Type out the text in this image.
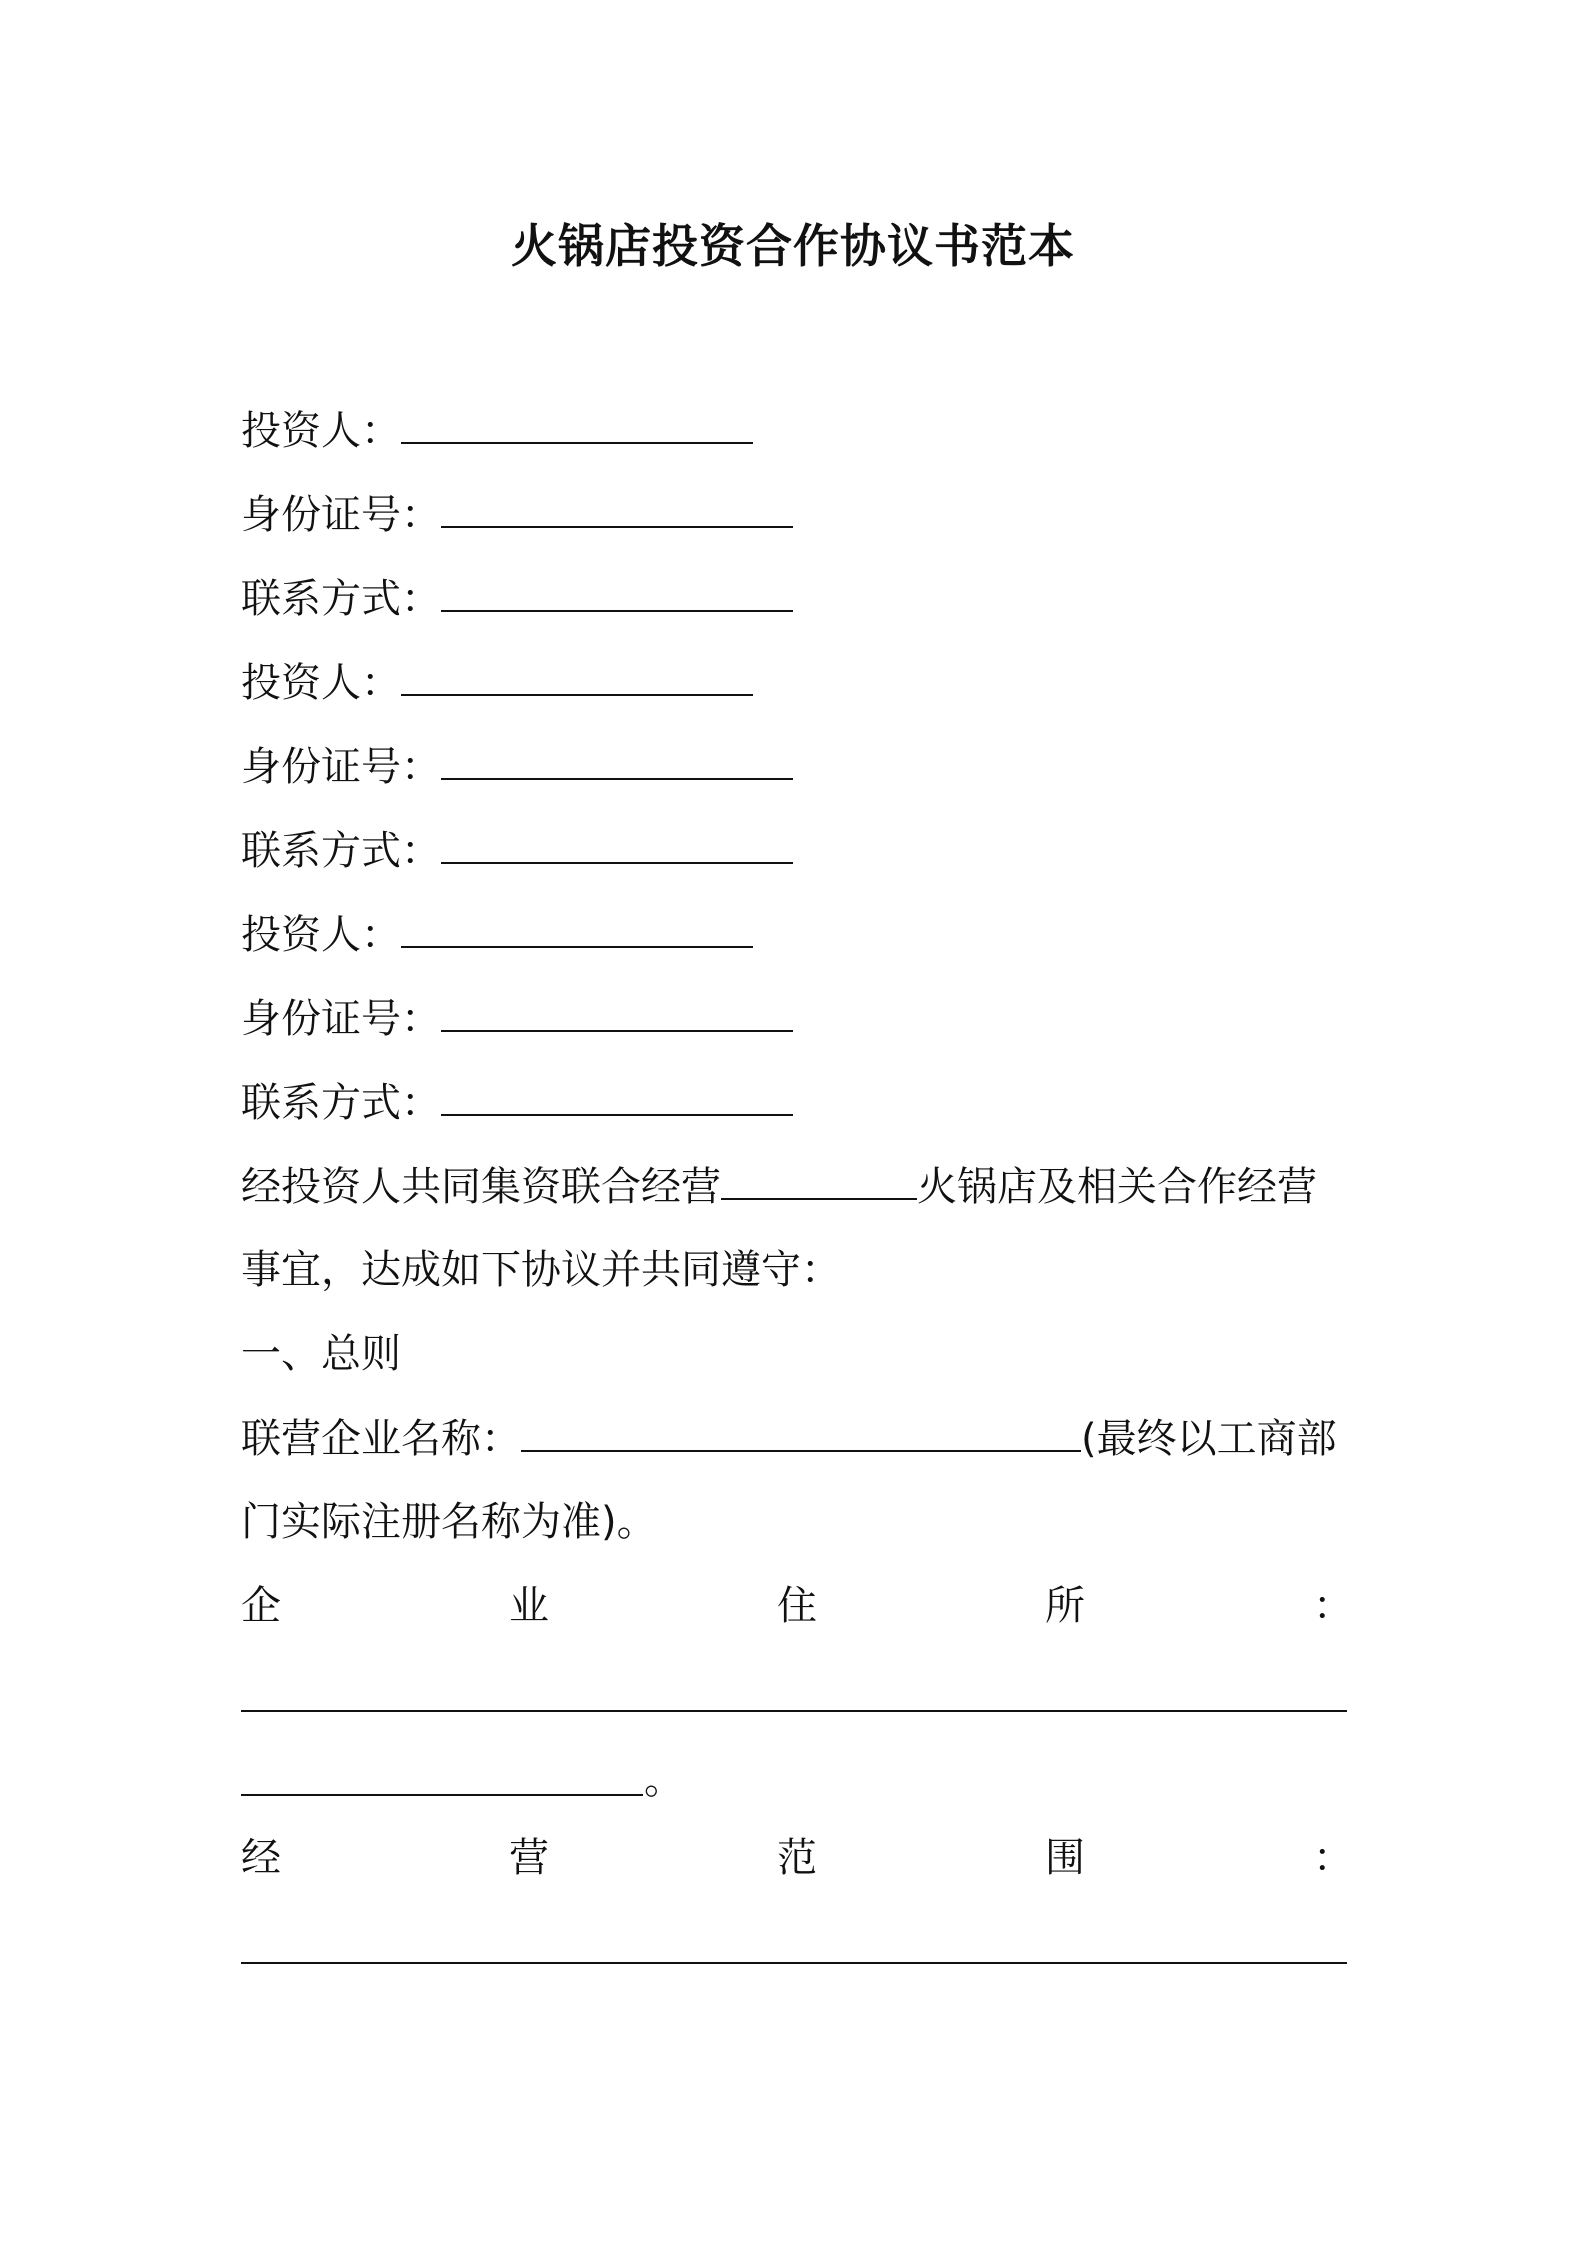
火锅店投资合作协议书范本
投资人：
身份证号：
联系方式：
投资人：
身份证号：
联系方式：
投资人：
身份证号：
联系方式：
经投资人共同集资联合经营	火锅店及相关合作经营
事宜，达成如下协议并共同遵守：
一、总则
联营企业名称：	(最终以工商部
门实际注册名称为准)。
企	业	住	所	：
。
经	营	范	围	：
